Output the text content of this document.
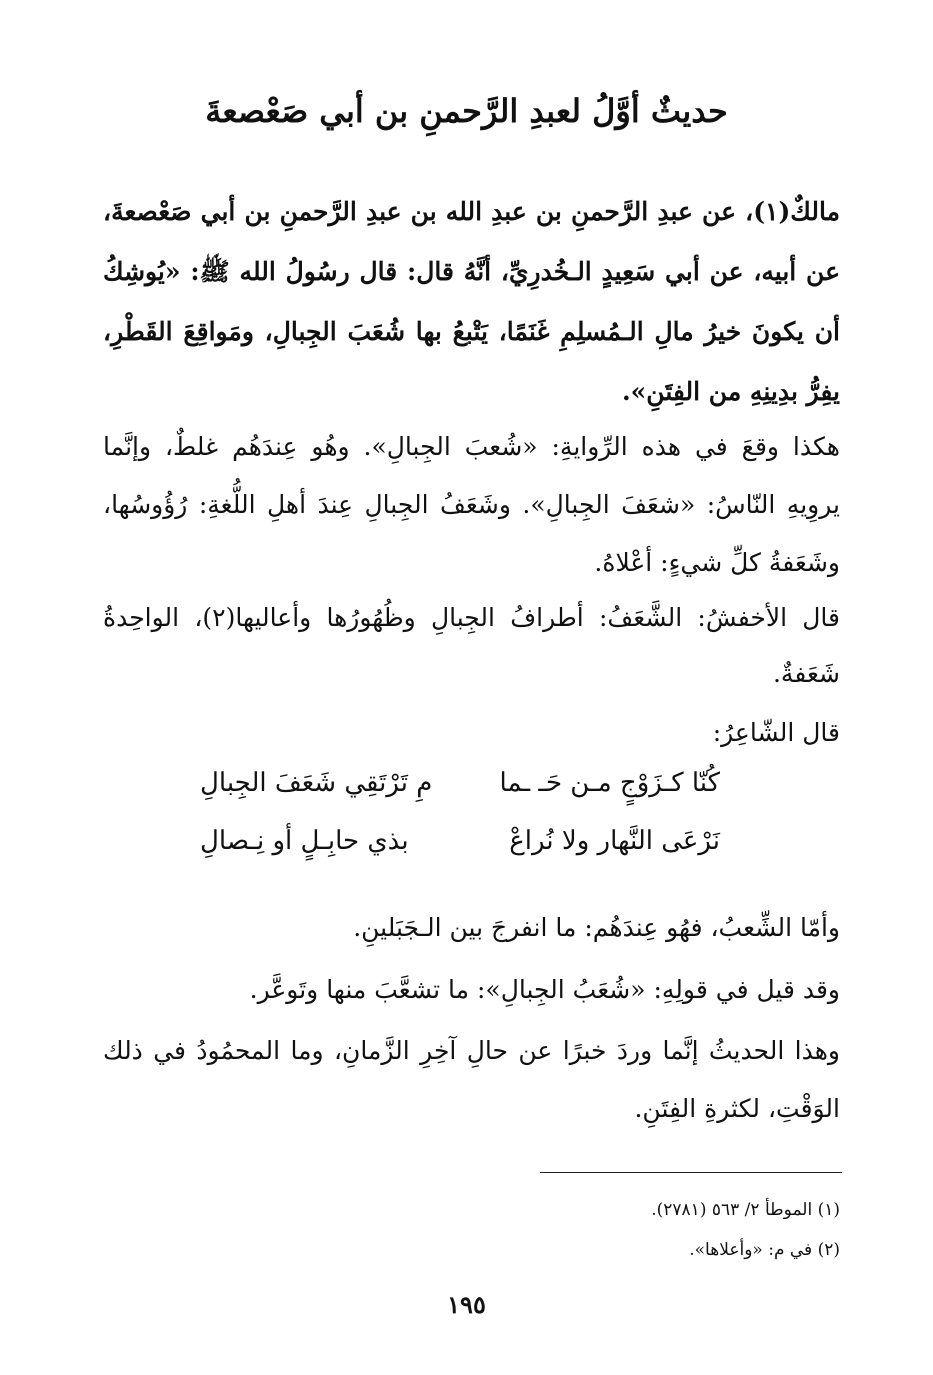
حديثٌ أوَّلُ لعبدِ الرَّحمنِ بن أبي صَعْصعةَ
مالكٌ(١)، عن عبدِ الرَّحمنِ بن عبدِ الله بن عبدِ الرَّحمنِ بن أبي صَعْصعةَ، عن أبيه، عن أبي سَعِيدٍ الـخُدرِيِّ، أنَّهُ قال: قال رسُولُ الله ﷺ: «يُوشِكُ أن يكونَ خيرُ مالِ الـمُسلِمِ غَنَمًا، يَتْبعُ بها شُعَبَ الجِبالِ، ومَواقِعَ القَطْرِ، يفِرُّ بدِينِهِ من الفِتَنِ».
هكذا وقعَ في هذه الرِّوايةِ: «شُعبَ الجِبالِ». وهُو عِندَهُم غلطٌ، وإنَّما يروِيهِ النّاسُ: «شعَفَ الجِبالِ». وشَعَفُ الجِبالِ عِندَ أهلِ اللُّغةِ: رُؤُوسُها، وشَعَفةُ كلِّ شيءٍ: أعْلاهُ.
قال الأخفشُ: الشَّعَفُ: أطرافُ الجِبالِ وظُهُورُها وأعاليها(٢)، الواحِدةُ شَعَفةٌ.
قال الشّاعِرُ:
كُنّا كـزَوْجٍ مـن حَـ ـما
مِ تَرْتَقِي شَعَفَ الجِبالِ
نَرْعَى النَّهار ولا نُراعْ
بذي حابِـلٍ أو نِـصالِ
وأمّا الشِّعبُ، فهُو عِندَهُم: ما انفرجَ بين الـجَبَلينِ.
وقد قيل في قولِهِ: «شُعَبُ الجِبالِ»: ما تشعَّبَ منها وتَوعَّر.
وهذا الحديثُ إنَّما وردَ خبرًا عن حالِ آخِرِ الزَّمانِ، وما المحمُودُ في ذلك الوَقْتِ، لكثرةِ الفِتَنِ.
(١) الموطأ ٢/ ٥٦٣ (٢٧٨١).
(٢) في م: «وأعلاها».
١٩٥
